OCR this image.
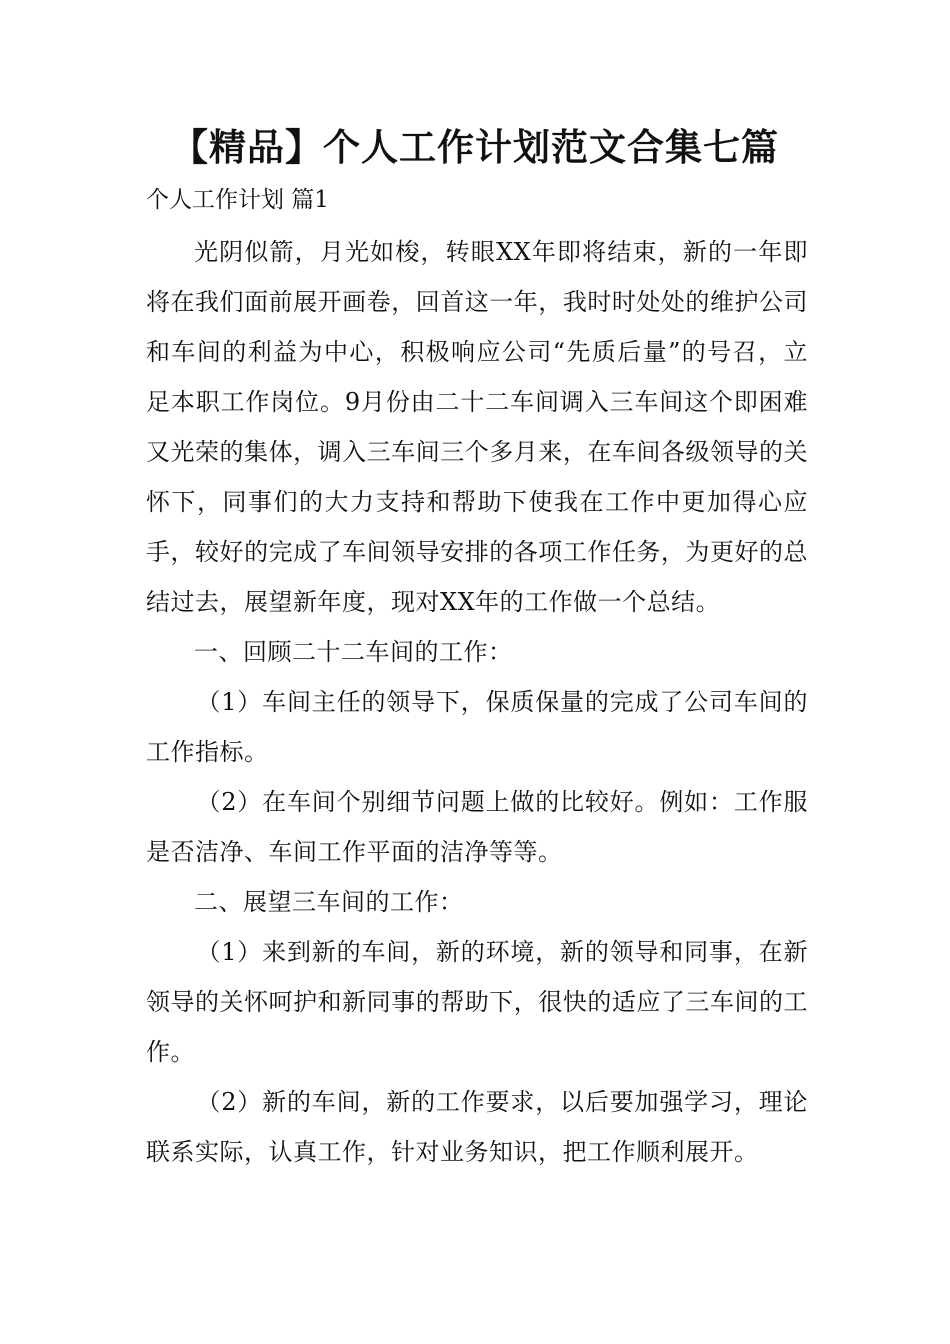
【精品】个人工作计划范文合集七篇
个人工作计划 篇1

光阴似箭，月光如梭，转眼XX年即将结束，新的一年即将在我们面前展开画卷，回首这一年，我时时处处的维护公司和车间的利益为中心，积极响应公司“先质后量”的号召，立足本职工作岗位。9月份由二十二车间调入三车间这个即困难又光荣的集体，调入三车间三个多月来，在车间各级领导的关怀下，同事们的大力支持和帮助下使我在工作中更加得心应手，较好的完成了车间领导安排的各项工作任务，为更好的总结过去，展望新年度，现对XX年的工作做一个总结。

一、回顾二十二车间的工作：

（1）车间主任的领导下，保质保量的完成了公司车间的工作指标。

（2）在车间个别细节问题上做的比较好。例如：工作服是否洁净、车间工作平面的洁净等等。

二、展望三车间的工作：

（1）来到新的车间，新的环境，新的领导和同事，在新领导的关怀呵护和新同事的帮助下，很快的适应了三车间的工作。

（2）新的车间，新的工作要求，以后要加强学习，理论联系实际，认真工作，针对业务知识，把工作顺利展开。
